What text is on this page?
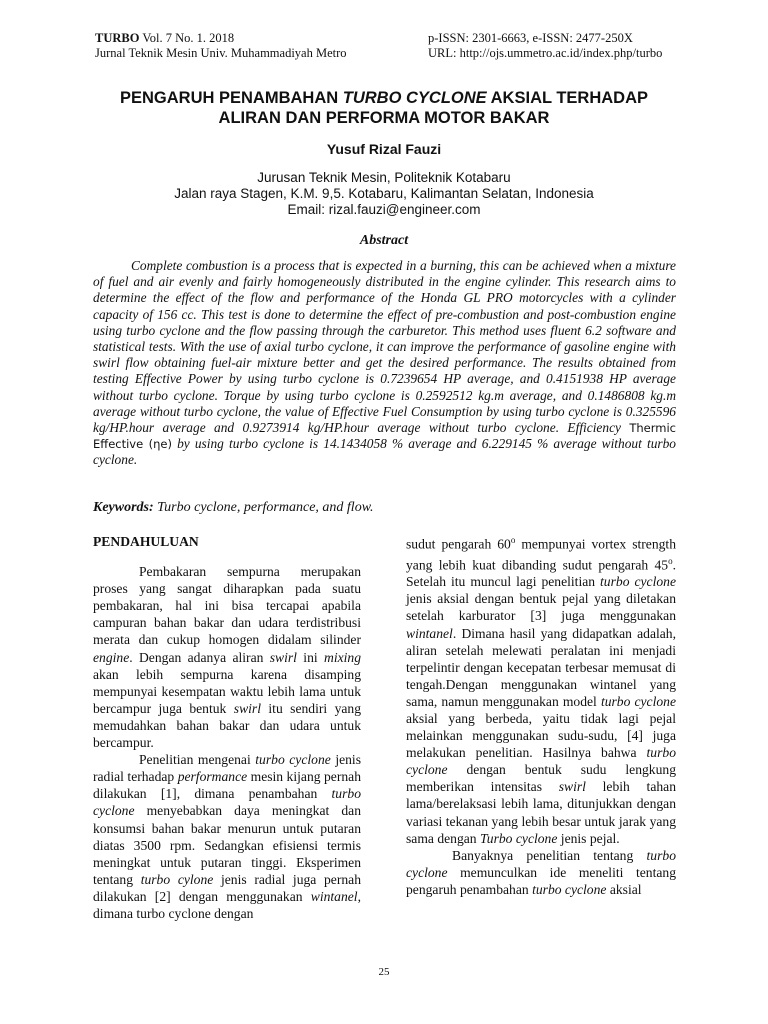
TURBO Vol. 7 No. 1. 2018
Jurnal Teknik Mesin Univ. Muhammadiyah Metro
p-ISSN: 2301-6663, e-ISSN: 2477-250X
URL: http://ojs.ummetro.ac.id/index.php/turbo
PENGARUH PENAMBAHAN TURBO CYCLONE AKSIAL TERHADAP
ALIRAN DAN PERFORMA MOTOR BAKAR
Yusuf Rizal Fauzi
Jurusan Teknik Mesin, Politeknik Kotabaru
Jalan raya Stagen, K.M. 9,5. Kotabaru, Kalimantan Selatan, Indonesia
Email: rizal.fauzi@engineer.com
Abstract

Complete combustion is a process that is expected in a burning, this can be achieved when a mixture of fuel and air evenly and fairly homogeneously distributed in the engine cylinder. This research aims to determine the effect of the flow and performance of the Honda GL PRO motorcycles with a cylinder capacity of 156 cc. This test is done to determine the effect of pre-combustion and post-combustion engine using turbo cyclone and the flow passing through the carburetor. This method uses fluent 6.2 software and statistical tests. With the use of axial turbo cyclone, it can improve the performance of gasoline engine with swirl flow obtaining fuel-air mixture better and get the desired performance. The results obtained from testing Effective Power by using turbo cyclone is 0.7239654 HP average, and 0.4151938 HP average without turbo cyclone. Torque by using turbo cyclone is 0.2592512 kg.m average, and 0.1486808 kg.m average without turbo cyclone, the value of Effective Fuel Consumption by using turbo cyclone is 0.325596 kg/HP.hour average and 0.9273914 kg/HP.hour average without turbo cyclone. Efficiency Thermic Effective (ηe) by using turbo cyclone is 14.1434058 % average and 6.229145 % average without turbo cyclone.

Keywords: Turbo cyclone, performance, and flow.
PENDAHULUAN

Pembakaran sempurna merupakan proses yang sangat diharapkan pada suatu pembakaran, hal ini bisa tercapai apabila campuran bahan bakar dan udara terdistribusi merata dan cukup homogen didalam silinder engine. Dengan adanya aliran swirl ini mixing akan lebih sempurna karena disamping mempunyai kesempatan waktu lebih lama untuk bercampur juga bentuk swirl itu sendiri yang memudahkan bahan bakar dan udara untuk bercampur.

Penelitian mengenai turbo cyclone jenis radial terhadap performance mesin kijang pernah dilakukan [1], dimana penambahan turbo cyclone menyebabkan daya meningkat dan konsumsi bahan bakar menurun untuk putaran diatas 3500 rpm. Sedangkan efisiensi termis meningkat untuk putaran tinggi. Eksperimen tentang turbo cylone jenis radial juga pernah dilakukan [2] dengan menggunakan wintanel, dimana turbo cyclone dengan

sudut pengarah 60$^o$ mempunyai vortex strength yang lebih kuat dibanding sudut pengarah 45$^o$. Setelah itu muncul lagi penelitian turbo cyclone jenis aksial dengan bentuk pejal yang diletakan setelah karburator [3] juga menggunakan wintanel. Dimana hasil yang didapatkan adalah, aliran setelah melewati peralatan ini menjadi terpelintir dengan kecepatan terbesar memusat di tengah.Dengan menggunakan wintanel yang sama, namun menggunakan model turbo cyclone aksial yang berbeda, yaitu tidak lagi pejal melainkan menggunakan sudu-sudu, [4] juga melakukan penelitian. Hasilnya bahwa turbo cyclone dengan bentuk sudu lengkung memberikan intensitas swirl lebih tahan lama/berelaksasi lebih lama, ditunjukkan dengan variasi tekanan yang lebih besar untuk jarak yang sama dengan Turbo cyclone jenis pejal.

Banyaknya penelitian tentang turbo cyclone memunculkan ide meneliti tentang pengaruh penambahan turbo cyclone aksial

25
